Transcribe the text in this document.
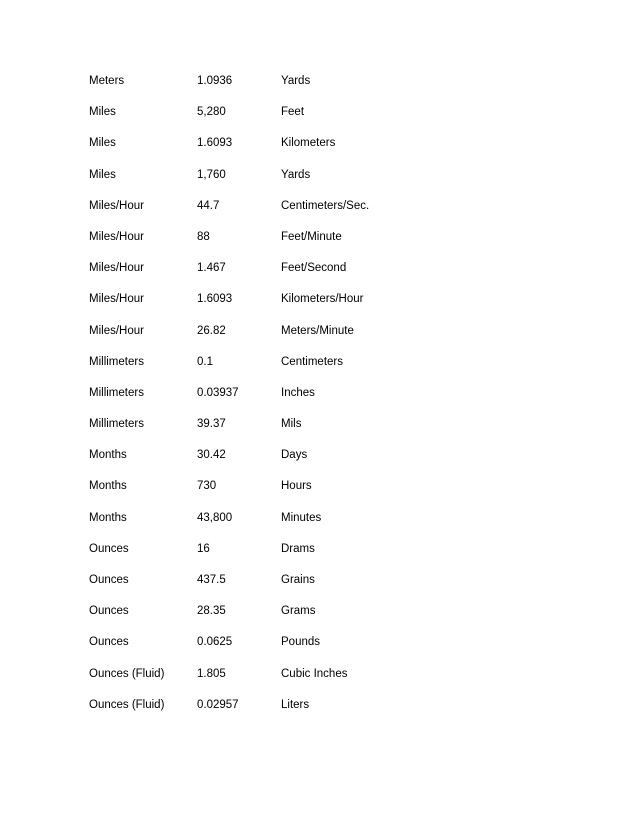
Meters	1.0936	Yards
Miles	5,280	Feet
Miles	1.6093	Kilometers
Miles	1,760	Yards
Miles/Hour	44.7	Centimeters/Sec.
Miles/Hour	88	Feet/Minute
Miles/Hour	1.467	Feet/Second
Miles/Hour	1.6093	Kilometers/Hour
Miles/Hour	26.82	Meters/Minute
Millimeters	0.1	Centimeters
Millimeters	0.03937	Inches
Millimeters	39.37	Mils
Months	30.42	Days
Months	730	Hours
Months	43,800	Minutes
Ounces	16	Drams
Ounces	437.5	Grains
Ounces	28.35	Grams
Ounces	0.0625	Pounds
Ounces (Fluid)	1.805	Cubic Inches
Ounces (Fluid)	0.02957	Liters
